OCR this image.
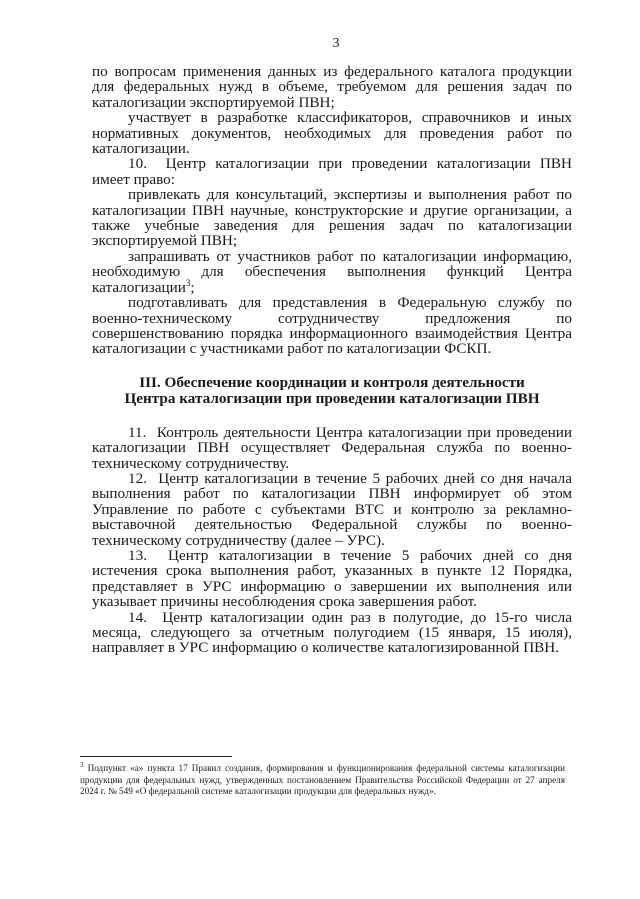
3

по вопросам применения данных из федерального каталога продукции для федеральных нужд в объеме, требуемом для решения задач по каталогизации экспортируемой ПВН;

участвует в разработке классификаторов, справочников и иных нормативных документов, необходимых для проведения работ по каталогизации.

10.  Центр каталогизации при проведении каталогизации ПВН имеет право:

привлекать для консультаций, экспертизы и выполнения работ по каталогизации ПВН научные, конструкторские и другие организации, а также учебные заведения для решения задач по каталогизации экспортируемой ПВН;

запрашивать от участников работ по каталогизации информацию, необходимую для обеспечения выполнения функций Центра каталогизации$^3$;

подготавливать для представления в Федеральную службу по военно-техническому сотрудничеству предложения по совершенствованию порядка информационного взаимодействия Центра каталогизации с участниками работ по каталогизации ФСКП.

III. Обеспечение координации и контроля деятельности
Центра каталогизации при проведении каталогизации ПВН

11.  Контроль деятельности Центра каталогизации при проведении каталогизации ПВН осуществляет Федеральная служба по военно-техническому сотрудничеству.

12.  Центр каталогизации в течение 5 рабочих дней со дня начала выполнения работ по каталогизации ПВН информирует об этом Управление по работе с субъектами ВТС и контролю за рекламно-выставочной деятельностью Федеральной службы по военно-техническому сотрудничеству (далее – УРС).

13.  Центр каталогизации в течение 5 рабочих дней со дня истечения срока выполнения работ, указанных в пункте 12 Порядка, представляет в УРС информацию о завершении их выполнения или указывает причины несоблюдения срока завершения работ.

14.  Центр каталогизации один раз в полугодие, до 15-го числа месяца, следующего за отчетным полугодием (15 января, 15 июля), направляет в УРС информацию о количестве каталогизированной ПВН.

$^3$ Подпункт «а» пункта 17 Правил создания, формирования и функционирования федеральной системы каталогизации продукции для федеральных нужд, утвержденных постановлением Правительства Российской Федерации от 27 апреля 2024 г. № 549 «О федеральной системе каталогизации продукции для федеральных нужд».
